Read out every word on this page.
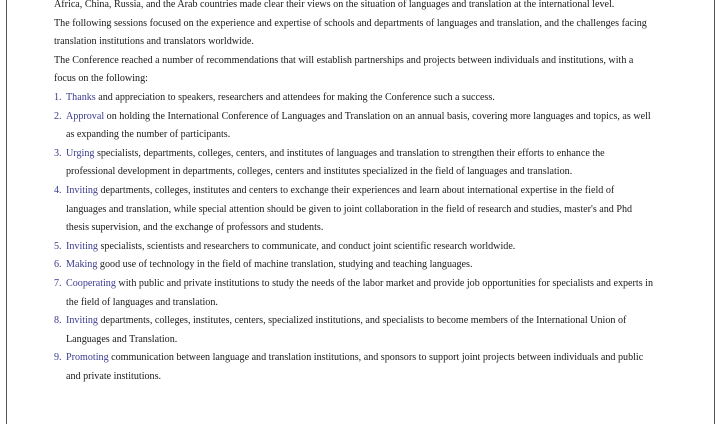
Africa, China, Russia, and the Arab countries made clear their views on the situation of languages and translation at the international level.

The following sessions focused on the experience and expertise of schools and departments of languages and translation, and the challenges facing translation institutions and translators worldwide.

The Conference reached a number of recommendations that will establish partnerships and projects between individuals and institutions, with a focus on the following:

1. Thanks and appreciation to speakers, researchers and attendees for making the Conference such a success.
2. Approval on holding the International Conference of Languages and Translation on an annual basis, covering more languages and topics, as well as expanding the number of participants.
3. Urging specialists, departments, colleges, centers, and institutes of languages and translation to strengthen their efforts to enhance the professional development in departments, colleges, centers and institutes specialized in the field of languages and translation.
4. Inviting departments, colleges, institutes and centers to exchange their experiences and learn about international expertise in the field of languages and translation, while special attention should be given to joint collaboration in the field of research and studies, master's and Phd thesis supervision, and the exchange of professors and students.
5. Inviting specialists, scientists and researchers to communicate, and conduct joint scientific research worldwide.
6. Making good use of technology in the field of machine translation, studying and teaching languages.
7. Cooperating with public and private institutions to study the needs of the labor market and provide job opportunities for specialists and experts in the field of languages and translation.
8. Inviting departments, colleges, institutes, centers, specialized institutions, and specialists to become members of the International Union of Languages and Translation.
9. Promoting communication between language and translation institutions, and sponsors to support joint projects between individuals and public and private institutions.
